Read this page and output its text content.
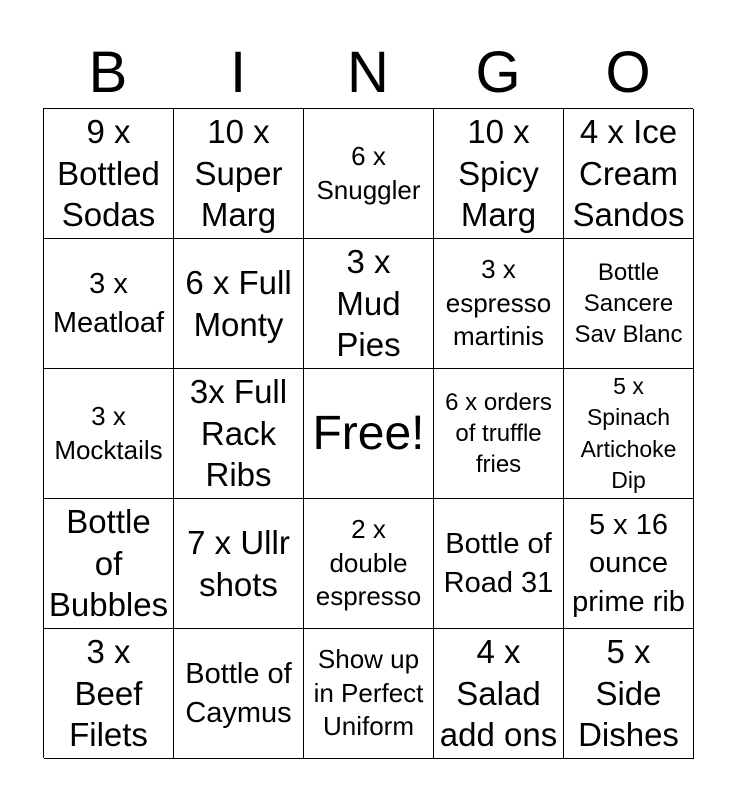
B	I	N	G	O
9 x
Bottled
Sodas
10 x
Super
Marg
6 x
Snuggler
10 x
Spicy
Marg
4 x Ice
Cream
Sandos
3 x
Meatloaf
6 x Full
Monty
3 x
Mud
Pies
3 x
espresso
martinis
Bottle
Sancere
Sav Blanc
3 x
Mocktails
3x Full
Rack
Ribs
Free!
6 x orders
of truffle
fries
5 x
Spinach
Artichoke
Dip
Bottle
of
Bubbles
7 x Ullr
shots
2 x
double
espresso
Bottle of
Road 31
5 x 16
ounce
prime rib
3 x
Beef
Filets
Bottle of
Caymus
Show up
in Perfect
Uniform
4 x
Salad
add ons
5 x
Side
Dishes
